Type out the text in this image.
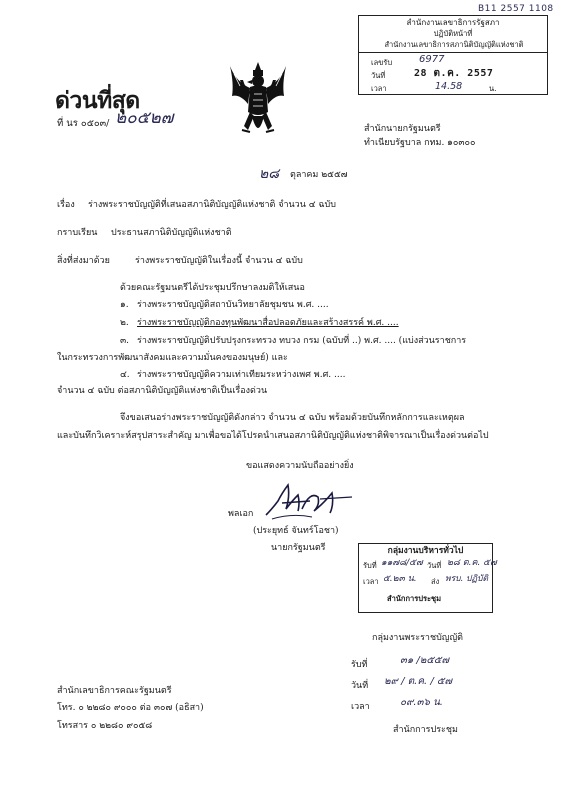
B11 2557 1108
สำนักงานเลขาธิการรัฐสภา
ปฏิบัติหน้าที่
สำนักงานเลขาธิการสภานิติบัญญัติแห่งชาติ
เลขรับ	6977
วันที่	28 ต.ค. 2557
เวลา	14.58	น.
ด่วนที่สุด
ที่ นร ๐๕๐๓/ ๒๐๕๒๗
สำนักนายกรัฐมนตรี
ทำเนียบรัฐบาล กทม. ๑๐๓๐๐
๒๘ ตุลาคม ๒๕๕๗
เรื่อง ร่างพระราชบัญญัติที่เสนอสภานิติบัญญัติแห่งชาติ จำนวน ๔ ฉบับ
กราบเรียน ประธานสภานิติบัญญัติแห่งชาติ
สิ่งที่ส่งมาด้วย	ร่างพระราชบัญญัติในเรื่องนี้ จำนวน ๔ ฉบับ
ด้วยคณะรัฐมนตรีได้ประชุมปรึกษาลงมติให้เสนอ
๑. ร่างพระราชบัญญัติสถาบันวิทยาลัยชุมชน พ.ศ. ....
๒. ร่างพระราชบัญญัติกองทุนพัฒนาสื่อปลอดภัยและสร้างสรรค์ พ.ศ. ....
๓. ร่างพระราชบัญญัติปรับปรุงกระทรวง ทบวง กรม (ฉบับที่ ..) พ.ศ. .... (แบ่งส่วนราชการ
ในกระทรวงการพัฒนาสังคมและความมั่นคงของมนุษย์) และ
๔. ร่างพระราชบัญญัติความเท่าเทียมระหว่างเพศ พ.ศ. ....
จำนวน ๔ ฉบับ ต่อสภานิติบัญญัติแห่งชาติเป็นเรื่องด่วน
จึงขอเสนอร่างพระราชบัญญัติดังกล่าว จำนวน ๔ ฉบับ พร้อมด้วยบันทึกหลักการและเหตุผล
และบันทึกวิเคราะห์สรุปสาระสำคัญ มาเพื่อขอได้โปรดนำเสนอสภานิติบัญญัติแห่งชาติพิจารณาเป็นเรื่องด่วนต่อไป
ขอแสดงความนับถืออย่างยิ่ง
พลเอก
(ประยุทธ์ จันทร์โอชา)
นายกรัฐมนตรี	กลุ่มงานบริหารทั่วไป
รับที่ ๑๑๗๘/๕๗ วันที่ ๒๘ ต.ค. ๕๗
เวลา ๕.๒๓ น. ส่ง พรบ. ปฏิบัติ
สำนักการประชุม
กลุ่มงานพระราชบัญญัติ
รับที่	๓๑ /๒๕๕๗
วันที่ ๒๙ / ต.ค. / ๕๗
เวลา	๐๙.๓๖ น.
สำนักการประชุม
สำนักเลขาธิการคณะรัฐมนตรี
โทร. ๐ ๒๒๘๐ ๙๐๐๐ ต่อ ๓๐๗ (อธิสา)
โทรสาร ๐ ๒๒๘๐ ๙๐๕๘
